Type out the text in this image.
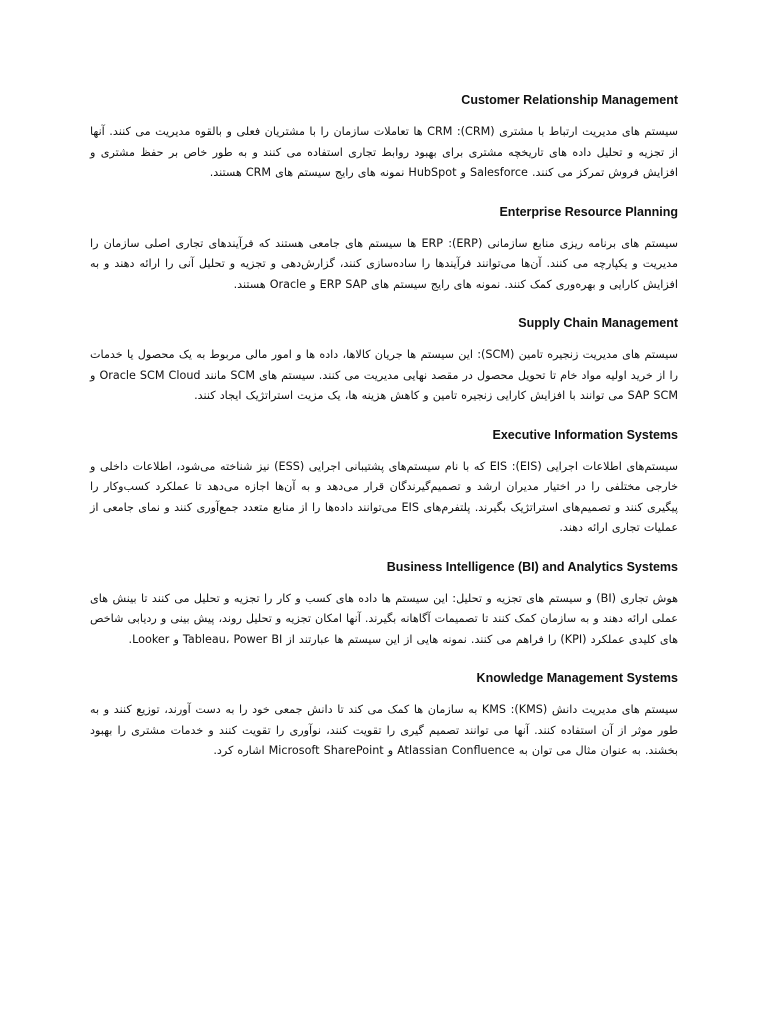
Customer Relationship Management

سیستم های مدیریت ارتباط با مشتری (CRM): CRM ها تعاملات سازمان را با مشتریان فعلی و بالقوه مدیریت می کنند. آنها از تجزیه و تحلیل داده های تاریخچه مشتری برای بهبود روابط تجاری استفاده می کنند و به طور خاص بر حفظ مشتری و افزایش فروش تمرکز می کنند. Salesforce و HubSpot نمونه های رایج سیستم های CRM هستند.

Enterprise Resource Planning

سیستم های برنامه ریزی منابع سازمانی (ERP): ERP ها سیستم های جامعی هستند که فرآیندهای تجاری اصلی سازمان را مدیریت و یکپارچه می کنند. آن‌ها می‌توانند فرآیندها را ساده‌سازی کنند، گزارش‌دهی و تجزیه و تحلیل آنی را ارائه دهند و به افزایش کارایی و بهره‌وری کمک کنند. نمونه های رایج سیستم های ERP SAP و Oracle هستند.

Supply Chain Management

سیستم های مدیریت زنجیره تامین (SCM): این سیستم ها جریان کالاها، داده ها و امور مالی مربوط به یک محصول یا خدمات را از خرید اولیه مواد خام تا تحویل محصول در مقصد نهایی مدیریت می کنند. سیستم های SCM مانند Oracle SCM Cloud و SAP SCM می توانند با افزایش کارایی زنجیره تامین و کاهش هزینه ها، یک مزیت استراتژیک ایجاد کنند.

Executive Information Systems

سیستم‌های اطلاعات اجرایی (EIS): EIS که با نام سیستم‌های پشتیبانی اجرایی (ESS) نیز شناخته می‌شود، اطلاعات داخلی و خارجی مختلفی را در اختیار مدیران ارشد و تصمیم‌گیرندگان قرار می‌دهد و به آن‌ها اجازه می‌دهد تا عملکرد کسب‌وکار را پیگیری کنند و تصمیم‌های استراتژیک بگیرند. پلتفرم‌های EIS می‌توانند داده‌ها را از منابع متعدد جمع‌آوری کنند و نمای جامعی از عملیات تجاری ارائه دهند.

Business Intelligence (BI) and Analytics Systems

هوش تجاری (BI) و سیستم های تجزیه و تحلیل: این سیستم ها داده های کسب و کار را تجزیه و تحلیل می کنند تا بینش های عملی ارائه دهند و به سازمان کمک کنند تا تصمیمات آگاهانه بگیرند. آنها امکان تجزیه و تحلیل روند، پیش بینی و ردیابی شاخص های کلیدی عملکرد (KPI) را فراهم می کنند. نمونه هایی از این سیستم ها عبارتند از Tableau، Power BI و Looker.

Knowledge Management Systems

سیستم های مدیریت دانش (KMS): KMS به سازمان ها کمک می کند تا دانش جمعی خود را به دست آورند، توزیع کنند و به طور موثر از آن استفاده کنند. آنها می توانند تصمیم گیری را تقویت کنند، نوآوری را تقویت کنند و خدمات مشتری را بهبود بخشند. به عنوان مثال می توان به Atlassian Confluence و Microsoft SharePoint اشاره کرد.
